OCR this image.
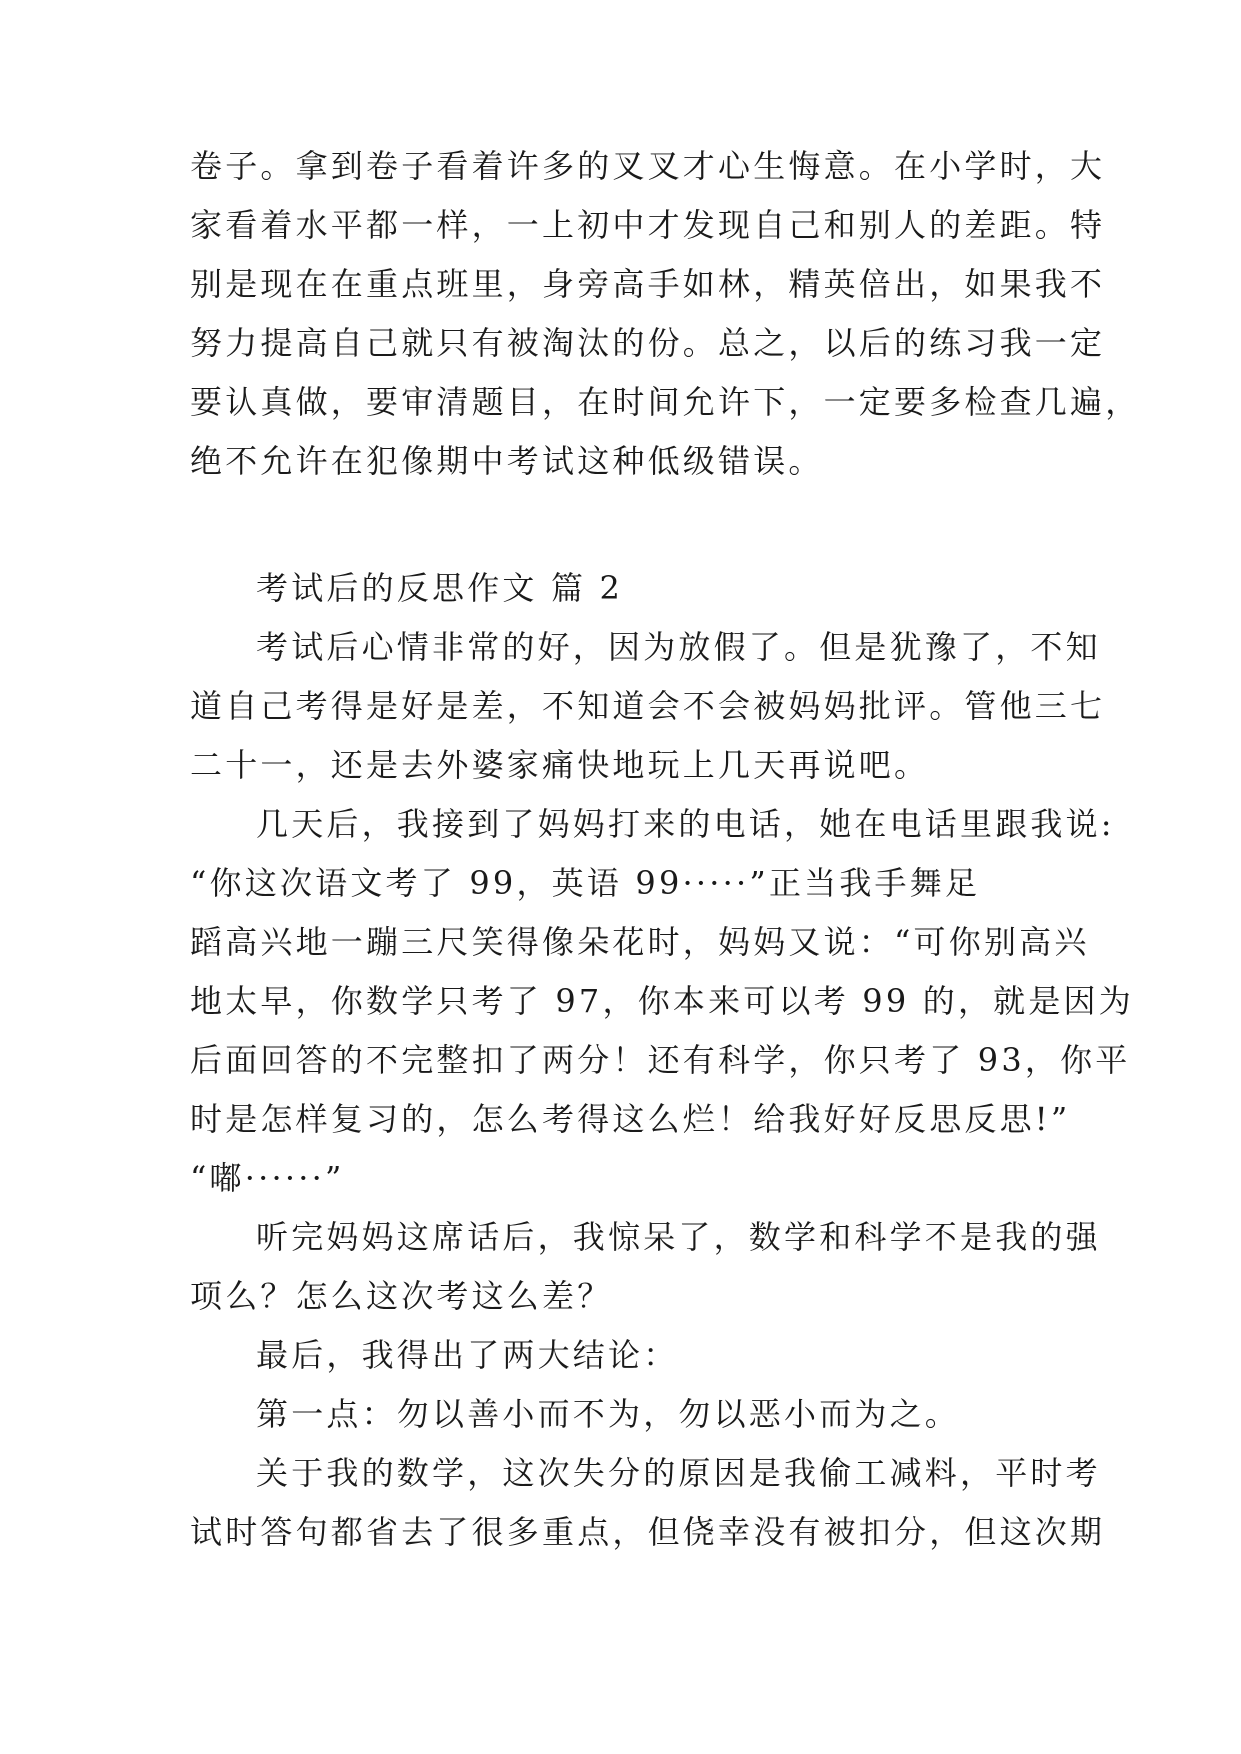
卷子。拿到卷子看着许多的叉叉才心生悔意。在小学时，大
家看着水平都一样，一上初中才发现自己和别人的差距。特
别是现在在重点班里，身旁高手如林，精英倍出，如果我不
努力提高自己就只有被淘汰的份。总之，以后的练习我一定
要认真做，要审清题目，在时间允许下，一定要多检查几遍，
绝不允许在犯像期中考试这种低级错误。
考试后的反思作文 篇 2
考试后心情非常的好，因为放假了。但是犹豫了，不知
道自己考得是好是差，不知道会不会被妈妈批评。管他三七
二十一，还是去外婆家痛快地玩上几天再说吧。
几天后，我接到了妈妈打来的电话，她在电话里跟我说:
“你这次语文考了 99，英语 99·····”正当我手舞足
蹈高兴地一蹦三尺笑得像朵花时，妈妈又说：“可你别高兴
地太早，你数学只考了 97，你本来可以考 99 的，就是因为
后面回答的不完整扣了两分！还有科学，你只考了 93，你平
时是怎样复习的，怎么考得这么烂！给我好好反思反思!”
“嘟······”
听完妈妈这席话后，我惊呆了，数学和科学不是我的强
项么？怎么这次考这么差？
最后，我得出了两大结论：
第一点：勿以善小而不为，勿以恶小而为之。
关于我的数学，这次失分的原因是我偷工减料，平时考
试时答句都省去了很多重点，但侥幸没有被扣分，但这次期
